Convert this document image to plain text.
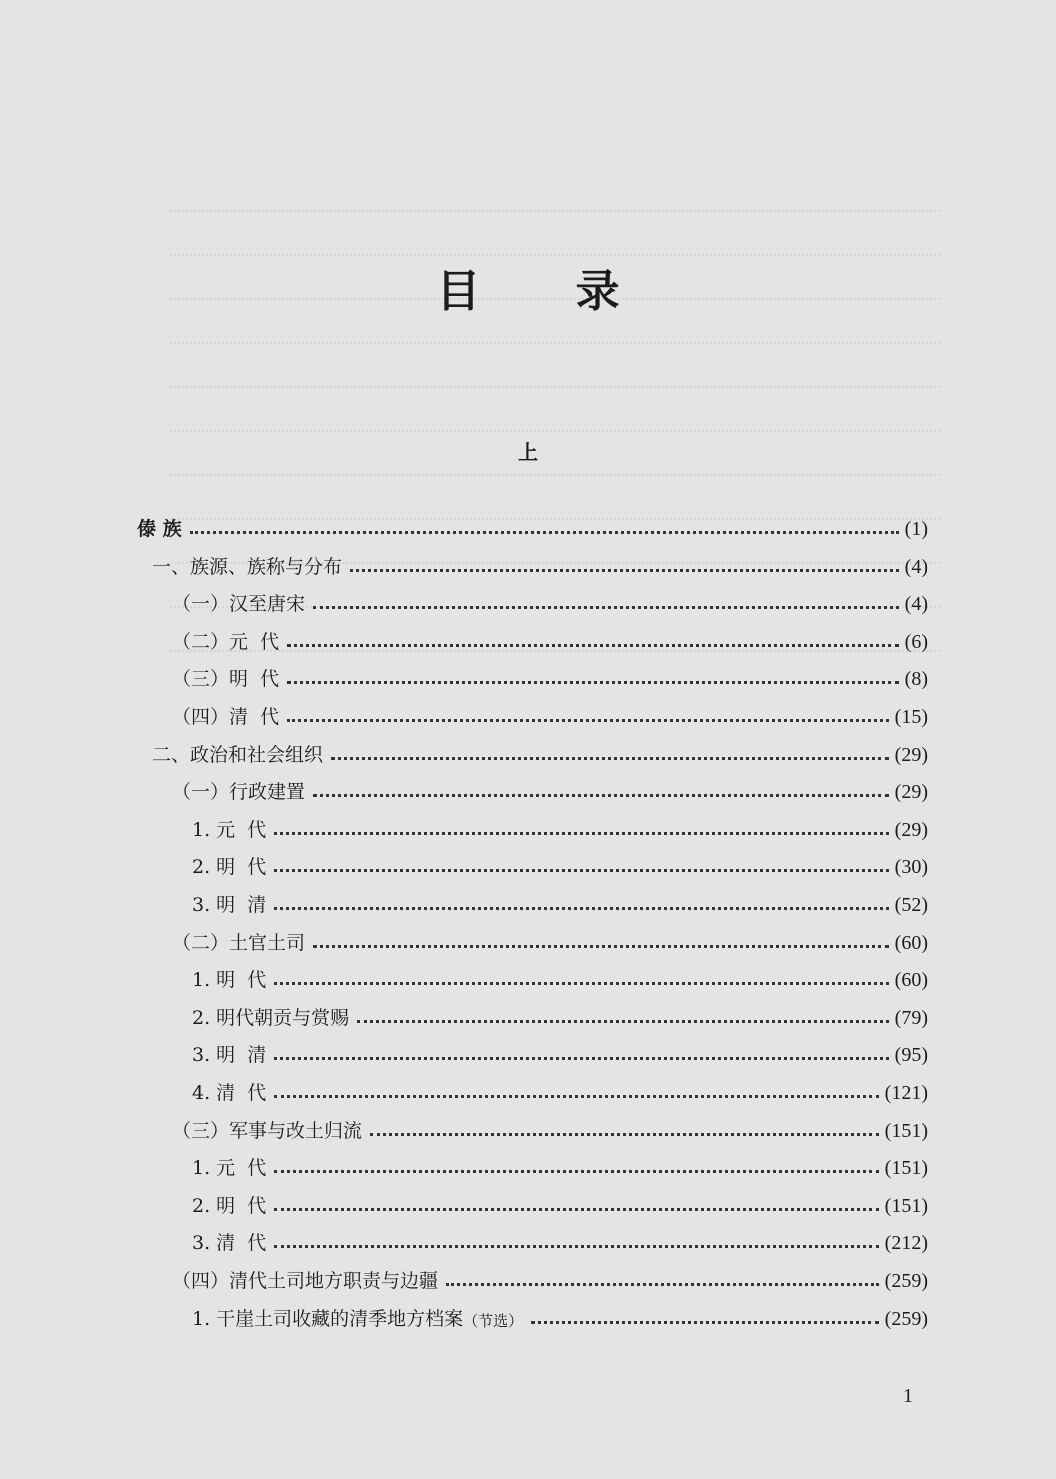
目 录
上
傣 族	(1)
一、族源、族称与分布	(4)
（一）汉至唐宋	(4)
（二）元  代	(6)
（三）明  代	(8)
（四）清  代	(15)
二、政治和社会组织	(29)
（一）行政建置	(29)
1. 元  代	(29)
2. 明  代	(30)
3. 明  清	(52)
（二）土官土司	(60)
1. 明  代	(60)
2. 明代朝贡与赏赐	(79)
3. 明  清	(95)
4. 清  代	(121)
（三）军事与改土归流	(151)
1. 元  代	(151)
2. 明  代	(151)
3. 清  代	(212)
（四）清代土司地方职责与边疆	(259)
1. 干崖土司收藏的清季地方档案 （节选）	(259)
1
